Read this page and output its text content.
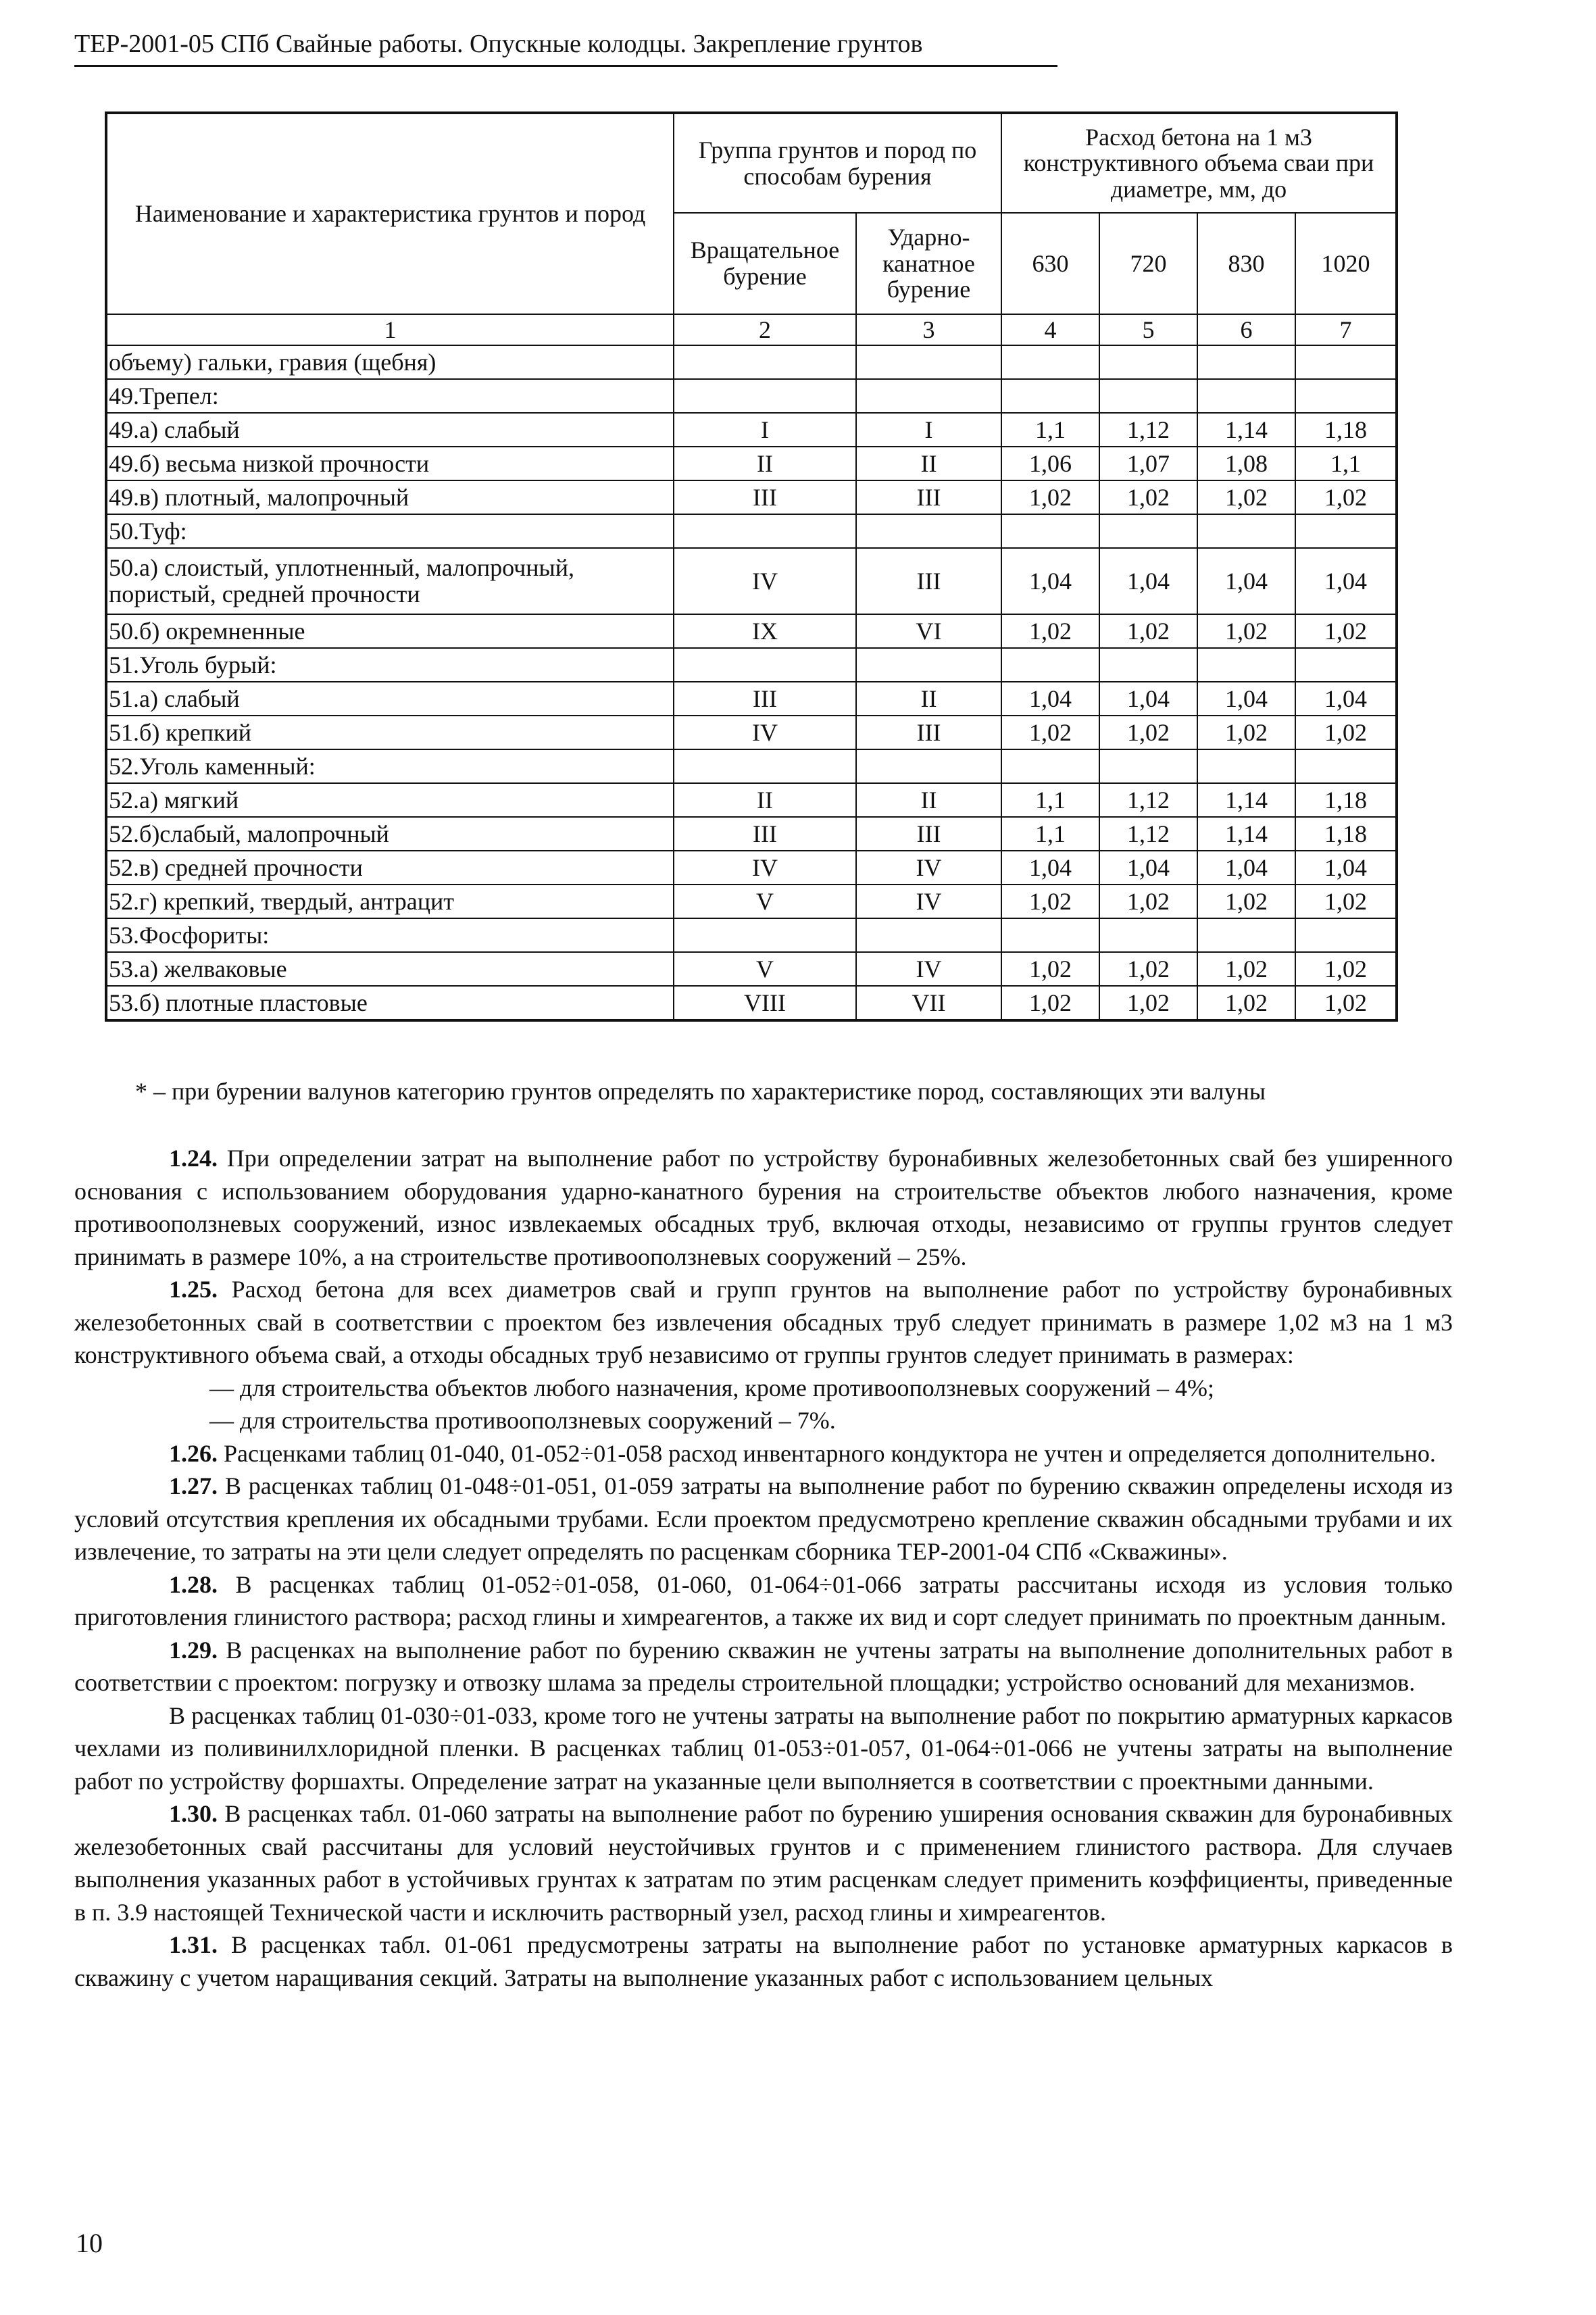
ТЕР-2001-05 СПб Свайные работы. Опускные колодцы. Закрепление грунтов
Наименование и характеристика грунтов и пород	Группа грунтов и пород по способам бурения		Расход бетона на 1 м3 конструктивного объема сваи при диаметре, мм, до			
	Вращательное бурение	Ударно-канатное бурение	630	720	830	1020
1	2	3	4	5	6	7
объему) гальки, гравия (щебня)						
49.Трепел:						
49.а) слабый	I	I	1,1	1,12	1,14	1,18
49.б) весьма низкой прочности	II	II	1,06	1,07	1,08	1,1
49.в) плотный, малопрочный	III	III	1,02	1,02	1,02	1,02
50.Туф:						
50.а) слоистый, уплотненный, малопрочный, пористый, средней прочности	IV	III	1,04	1,04	1,04	1,04
50.б) окремненные	IX	VI	1,02	1,02	1,02	1,02
51.Уголь бурый:						
51.а) слабый	III	II	1,04	1,04	1,04	1,04
51.б) крепкий	IV	III	1,02	1,02	1,02	1,02
52.Уголь каменный:						
52.а) мягкий	II	II	1,1	1,12	1,14	1,18
52.б)слабый, малопрочный	III	III	1,1	1,12	1,14	1,18
52.в) средней прочности	IV	IV	1,04	1,04	1,04	1,04
52.г) крепкий, твердый, антрацит	V	IV	1,02	1,02	1,02	1,02
53.Фосфориты:						
53.а) желваковые	V	IV	1,02	1,02	1,02	1,02
53.б) плотные пластовые	VIII	VII	1,02	1,02	1,02	1,02
* – при бурении валунов категорию грунтов определять по характеристике пород, составляющих эти валуны

1.24. При определении затрат на выполнение работ по устройству буронабивных железобетонных свай без уширенного основания с использованием оборудования ударно-канатного бурения на строительстве объектов любого назначения, кроме противооползневых сооружений, износ извлекаемых обсадных труб, включая отходы, независимо от группы грунтов следует принимать в размере 10%, а на строительстве противооползневых сооружений – 25%.

1.25. Расход бетона для всех диаметров свай и групп грунтов на выполнение работ по устройству буронабивных железобетонных свай в соответствии с проектом без извлечения обсадных труб следует принимать в размере 1,02 м3 на 1 м3 конструктивного объема свай, а отходы обсадных труб независимо от группы грунтов следует принимать в размерах:

— для строительства объектов любого назначения, кроме противооползневых сооружений – 4%;

— для строительства противооползневых сооружений – 7%.

1.26. Расценками таблиц 01-040, 01-052÷01-058 расход инвентарного кондуктора не учтен и определяется дополнительно.

1.27. В расценках таблиц 01-048÷01-051, 01-059 затраты на выполнение работ по бурению скважин определены исходя из условий отсутствия крепления их обсадными трубами. Если проектом предусмотрено крепление скважин обсадными трубами и их извлечение, то затраты на эти цели следует определять по расценкам сборника ТЕР-2001-04 СПб «Скважины».

1.28. В расценках таблиц 01-052÷01-058, 01-060, 01-064÷01-066 затраты рассчитаны исходя из условия только приготовления глинистого раствора; расход глины и химреагентов, а также их вид и сорт следует принимать по проектным данным.

1.29. В расценках на выполнение работ по бурению скважин не учтены затраты на выполнение дополнительных работ в соответствии с проектом: погрузку и отвозку шлама за пределы строительной площадки; устройство оснований для механизмов.

В расценках таблиц 01-030÷01-033, кроме того не учтены затраты на выполнение работ по покрытию арматурных каркасов чехлами из поливинилхлоридной пленки. В расценках таблиц 01-053÷01-057, 01-064÷01-066 не учтены затраты на выполнение работ по устройству форшахты. Определение затрат на указанные цели выполняется в соответствии с проектными данными.

1.30. В расценках табл. 01-060 затраты на выполнение работ по бурению уширения основания скважин для буронабивных железобетонных свай рассчитаны для условий неустойчивых грунтов и с применением глинистого раствора. Для случаев выполнения указанных работ в устойчивых грунтах к затратам по этим расценкам следует применить коэффициенты, приведенные в п. 3.9 настоящей Технической части и исключить растворный узел, расход глины и химреагентов.

1.31. В расценках табл. 01-061 предусмотрены затраты на выполнение работ по установке арматурных каркасов в скважину с учетом наращивания секций. Затраты на выполнение указанных работ с использованием цельных

10
